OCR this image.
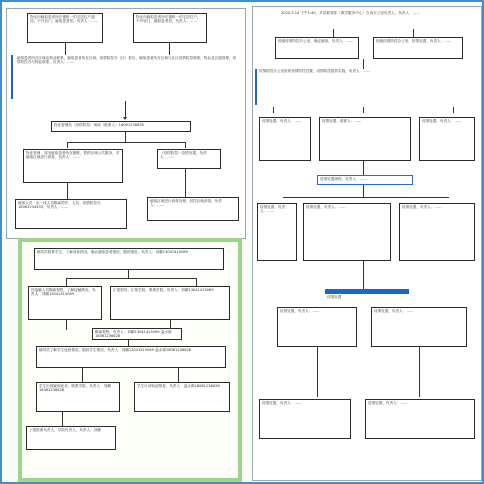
物业向疑似患者所在楼栋一的宅居住户通知，不开放门，疑似患者居，负责人：……
物业向疑似患者所在楼栋一的宅居住户，不开放门，疑似患者居，负责人：……
疑似患者所在区域由物业联系，疑似患者所在区域，疫情防控办（区）报告，疑似患者所在区域与社区疫情防控联系，物业及区级管理，疫情防控办与物业联系，负责人：……
物业管理处（疫情防控）现场（联系人）18061236628
物业管理：封闭疑似患者所在楼栋，暂停区域公共服务，对疑似区域进行消毒，负责人：……
（疫情防控）疫情处置，负责人：……
疑似人员：由一线人员隔离防护，人员：疫情防控办18061234455，负责人：……
疑似区域进行消毒处理，封控区域消毒，负责人：……
辅导员联系学生，了解身体情况，确认疑似患者情况，随时跟进，负责人：刘鹏13041415069
经接触人员隔离观察，了解接触情况，负责人：刘鹏13041415069
汇报领导，汇报学校，联系医院，负责人：刘鹏13041415069
隔离观察，负责人：刘鹏13041415069 温水源18061236628
辅导员了解学生返校情况，跟踪学生情况，负责人：刘鹏13041415069 温水源18061236628
学生出现疑似症状，联系学院，负责人：刘鹏18061236628
学生行动轨迹排查，负责人：温水源18061236628
上报院系负责人，学院负责人，负责人：刘鹏
2020.3.14 下午1:40，多层联席体（教学服务中心）告诉办公室负责人，负责人：……
校级疫情防控办公室，确定疑似，负责人：……	校级疫情防控办公室，疫情处置，负责人：……
疫情防控办公室组织疫情防控处置，疫情防控组织实施，负责人：……
疫情处置，负责人：……	疫情处置，联系人：……	疫情处置，负责人：……
疫情处置流程，负责人：……
疫情处置，负责人：……
疫情处置，负责人：……	疫情处置，负责人：……
疫情处置
疫情处置，负责人：……	疫情处置，负责人：……
疫情处置，负责人：……	疫情处置，负责人：……
